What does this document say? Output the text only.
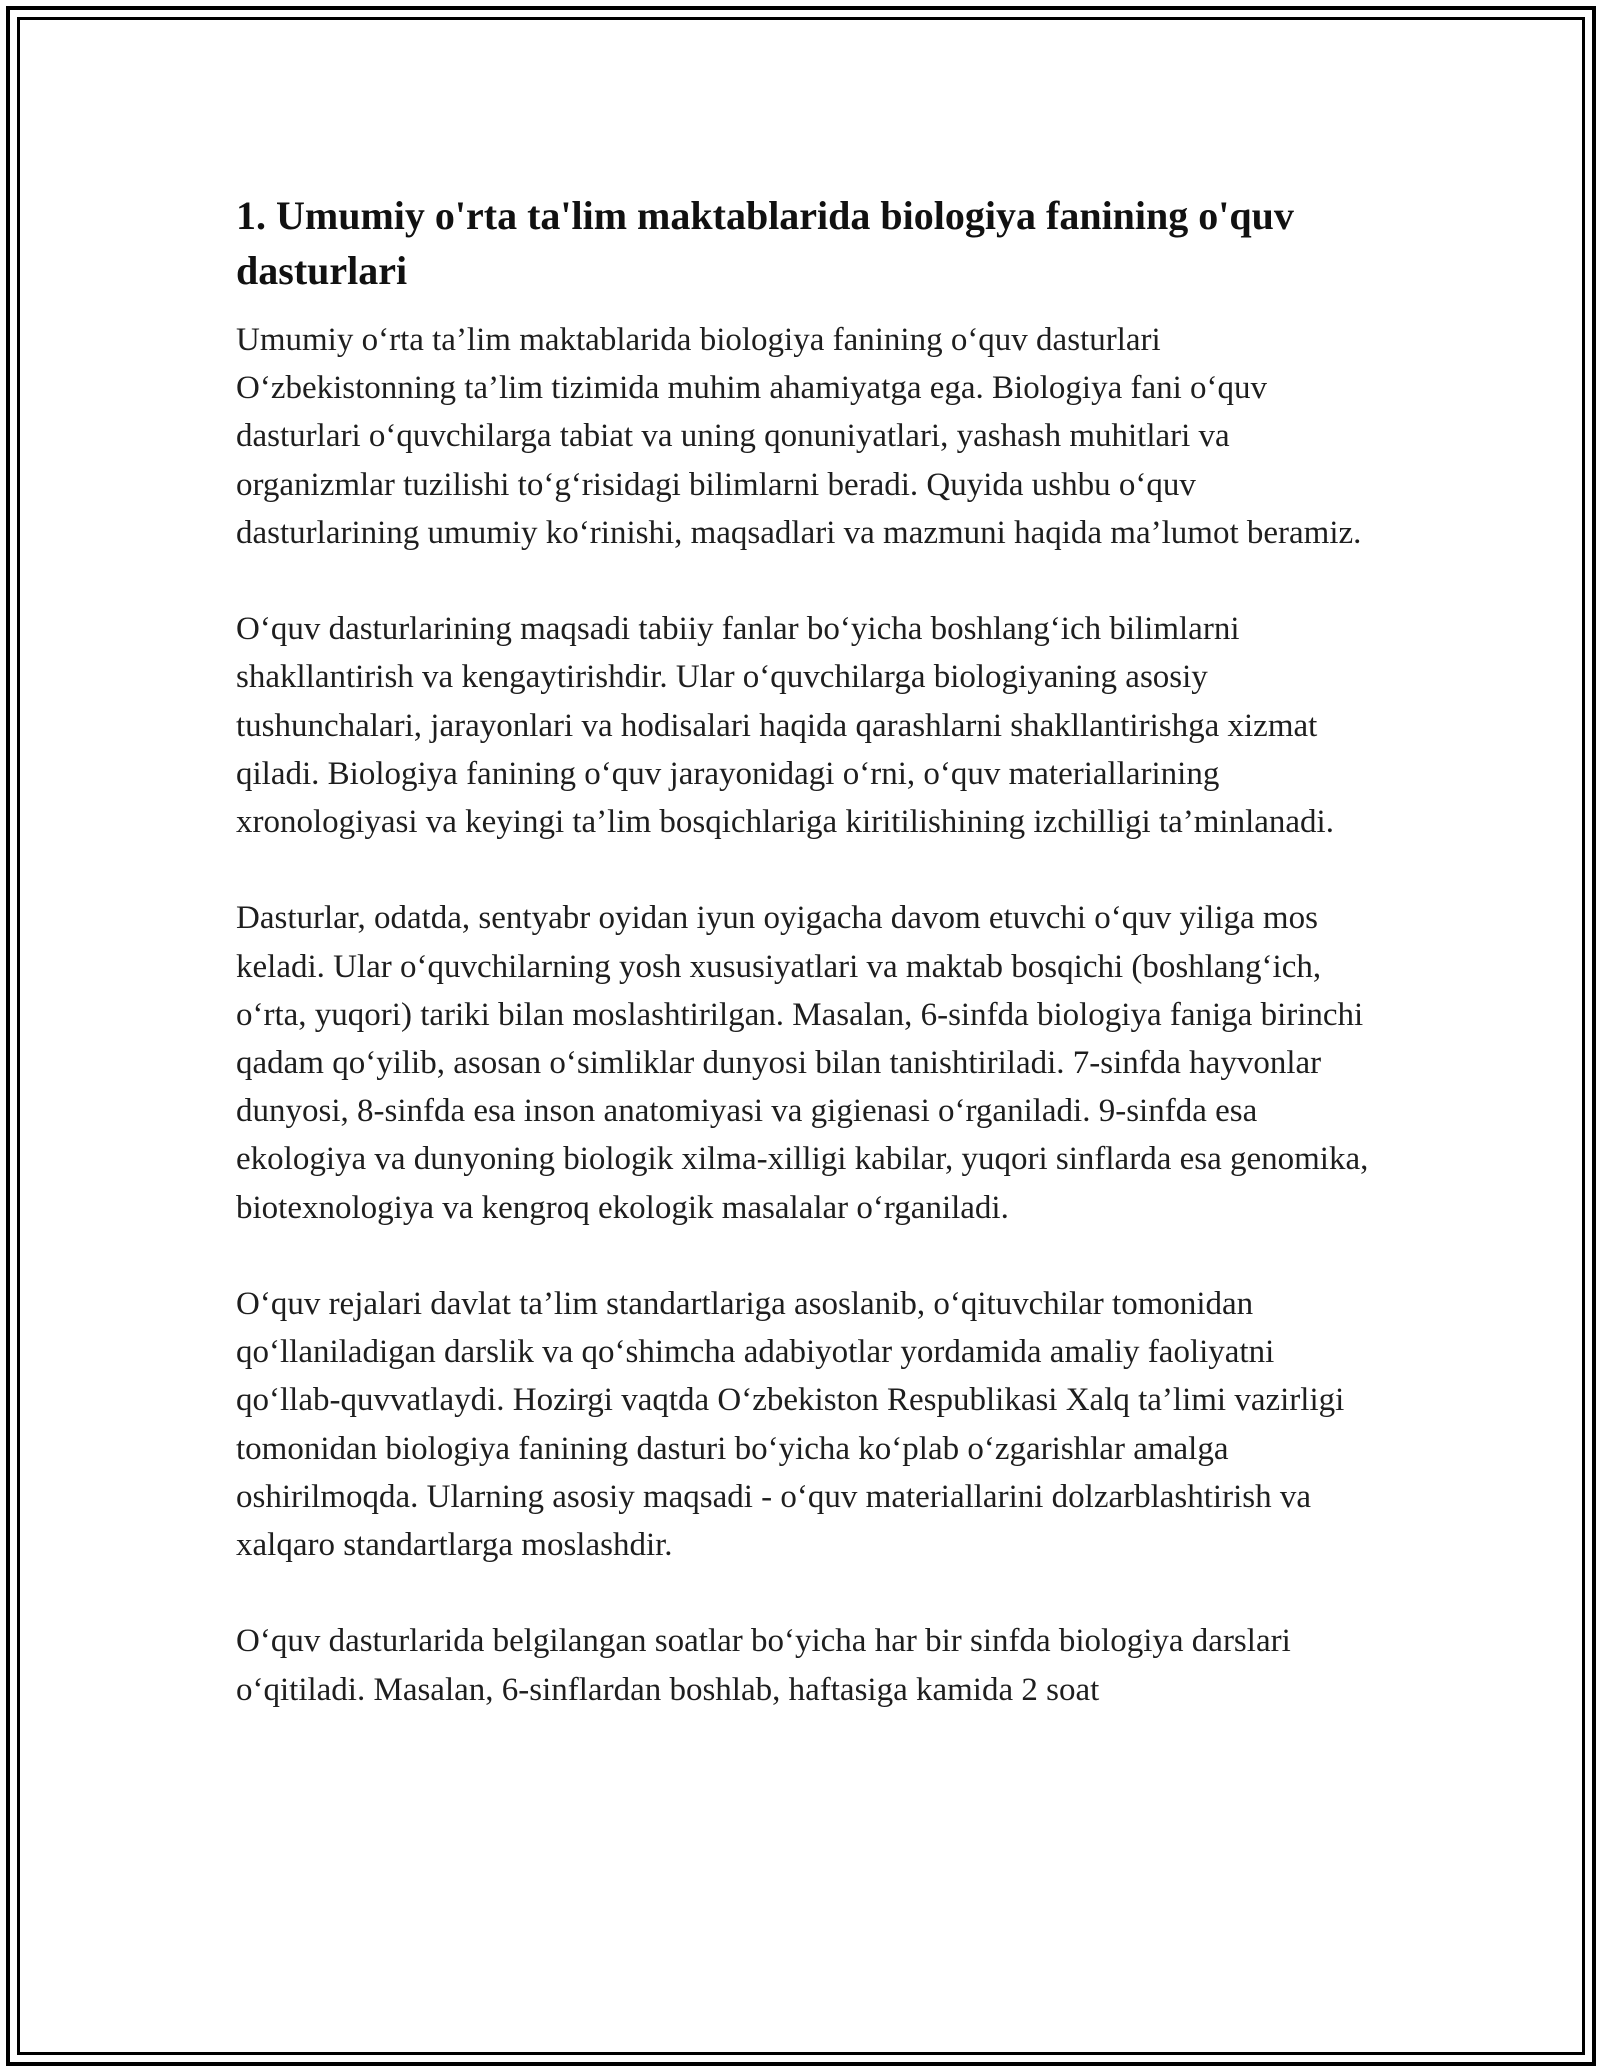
1. Umumiy o'rta ta'lim maktablarida biologiya fanining o'quv dasturlari

Umumiy o‘rta ta’lim maktablarida biologiya fanining o‘quv dasturlari O‘zbekistonning ta’lim tizimida muhim ahamiyatga ega. Biologiya fani o‘quv dasturlari o‘quvchilarga tabiat va uning qonuniyatlari, yashash muhitlari va organizmlar tuzilishi to‘g‘risidagi bilimlarni beradi. Quyida ushbu o‘quv dasturlarining umumiy ko‘rinishi, maqsadlari va mazmuni haqida ma’lumot beramiz.

O‘quv dasturlarining maqsadi tabiiy fanlar bo‘yicha boshlang‘ich bilimlarni shakllantirish va kengaytirishdir. Ular o‘quvchilarga biologiyaning asosiy tushunchalari, jarayonlari va hodisalari haqida qarashlarni shakllantirishga xizmat qiladi. Biologiya fanining o‘quv jarayonidagi o‘rni, o‘quv materiallarining xronologiyasi va keyingi ta’lim bosqichlariga kiritilishining izchilligi ta’minlanadi.

Dasturlar, odatda, sentyabr oyidan iyun oyigacha davom etuvchi o‘quv yiliga mos keladi. Ular o‘quvchilarning yosh xususiyatlari va maktab bosqichi (boshlang‘ich, o‘rta, yuqori) tariki bilan moslashtirilgan. Masalan, 6-sinfda biologiya faniga birinchi qadam qo‘yilib, asosan o‘simliklar dunyosi bilan tanishtiriladi. 7-sinfda hayvonlar dunyosi, 8-sinfda esa inson anatomiyasi va gigienasi o‘rganiladi. 9-sinfda esa ekologiya va dunyoning biologik xilma-xilligi kabilar, yuqori sinflarda esa genomika, biotexnologiya va kengroq ekologik masalalar o‘rganiladi.

O‘quv rejalari davlat ta’lim standartlariga asoslanib, o‘qituvchilar tomonidan qo‘llaniladigan darslik va qo‘shimcha adabiyotlar yordamida amaliy faoliyatni qo‘llab-quvvatlaydi. Hozirgi vaqtda O‘zbekiston Respublikasi Xalq ta’limi vazirligi tomonidan biologiya fanining dasturi bo‘yicha ko‘plab o‘zgarishlar amalga oshirilmoqda. Ularning asosiy maqsadi - o‘quv materiallarini dolzarblashtirish va xalqaro standartlarga moslashdir.

O‘quv dasturlarida belgilangan soatlar bo‘yicha har bir sinfda biologiya darslari o‘qitiladi. Masalan, 6-sinflardan boshlab, haftasiga kamida 2 soat
